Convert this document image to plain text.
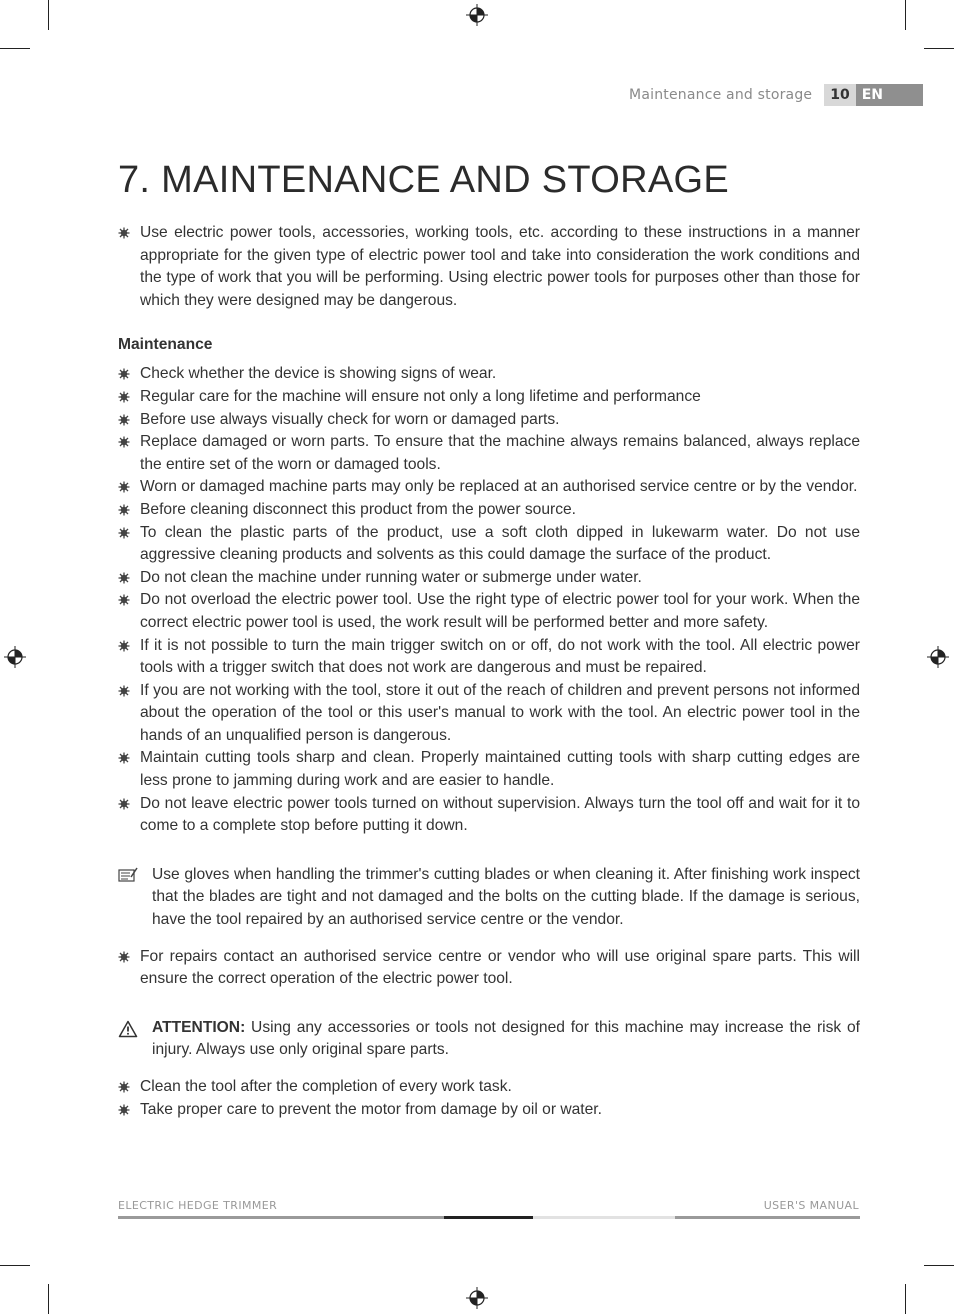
Maintenance and storage	10 EN
7. MAINTENANCE AND STORAGE
Use electric power tools, accessories, working tools, etc. according to these instructions in a manner appropriate for the given type of electric power tool and take into consideration the work conditions and the type of work that you will be performing. Using electric power tools for purposes other than those for which they were designed may be dangerous.
Maintenance
Check whether the device is showing signs of wear.
Regular care for the machine will ensure not only a long lifetime and performance
Before use always visually check for worn or damaged parts.
Replace damaged or worn parts. To ensure that the machine always remains balanced, always replace the entire set of the worn or damaged tools.
Worn or damaged machine parts may only be replaced at an authorised service centre or by the vendor.
Before cleaning disconnect this product from the power source.
To clean the plastic parts of the product, use a soft cloth dipped in lukewarm water. Do not use aggressive cleaning products and solvents as this could damage the surface of the product.
Do not clean the machine under running water or submerge under water.
Do not overload the electric power tool. Use the right type of electric power tool for your work. When the correct electric power tool is used, the work result will be performed better and more safety.
If it is not possible to turn the main trigger switch on or off, do not work with the tool. All electric power tools with a trigger switch that does not work are dangerous and must be repaired.
If you are not working with the tool, store it out of the reach of children and prevent persons not informed about the operation of the tool or this user's manual to work with the tool. An electric power tool in the hands of an unqualified person is dangerous.
Maintain cutting tools sharp and clean. Properly maintained cutting tools with sharp cutting edges are less prone to jamming during work and are easier to handle.
Do not leave electric power tools turned on without supervision. Always turn the tool off and wait for it to come to a complete stop before putting it down.
Use gloves when handling the trimmer's cutting blades or when cleaning it. After finishing work inspect that the blades are tight and not damaged and the bolts on the cutting blade. If the damage is serious, have the tool repaired by an authorised service centre or the vendor.
For repairs contact an authorised service centre or vendor who will use original spare parts. This will ensure the correct operation of the electric power tool.
ATTENTION: Using any accessories or tools not designed for this machine may increase the risk of injury. Always use only original spare parts.
Clean the tool after the completion of every work task.
Take proper care to prevent the motor from damage by oil or water.
ELECTRIC HEDGE TRIMMER	USER'S MANUAL
